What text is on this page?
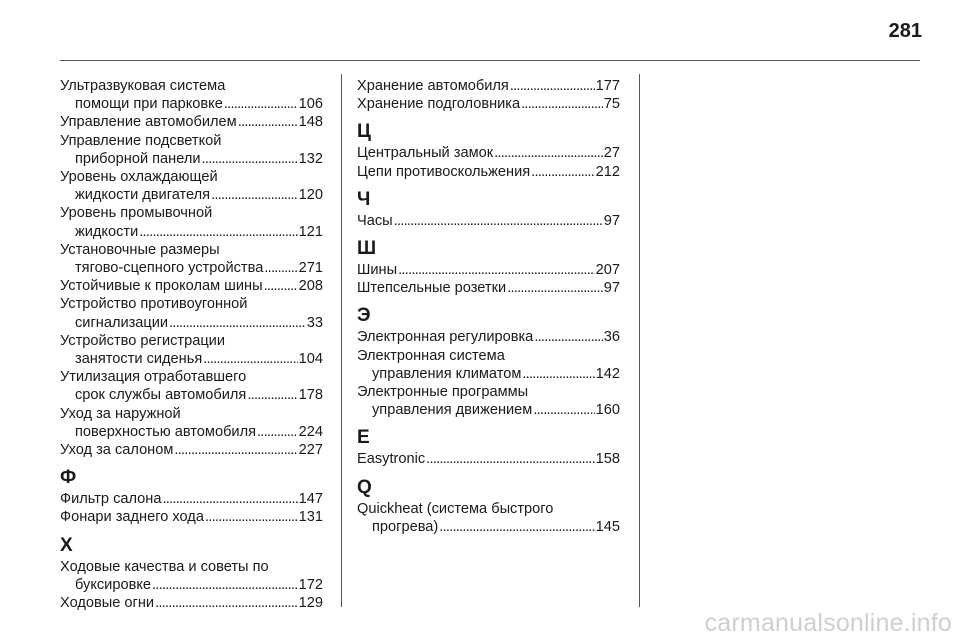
281
Ультразвуковая система
помощи при парковке . . .	106
Управление автомобилем . . .	148
Управление подсветкой
приборной панели . . .	132
Уровень охлаждающей
жидкости двигателя . . .	120
Уровень промывочной
жидкости . . .	121
Установочные размеры
тягово-сцепного устройства . . . 271
Устойчивые к проколам шины . . . 208
Устройство противоугонной
сигнализации . . .	33
Устройство регистрации
занятости сиденья . . .	104
Утилизация отработавшего
срок службы автомобиля . . .	178
Уход за наружной
поверхностью автомобиля . . .	224
Уход за салоном . . .	227
Ф
Фильтр салона . . .	147
Фонари заднего хода . . .	131
Х
Ходовые качества и советы по
буксировке . . .	172
Ходовые огни . . .	129
Хранение автомобиля . . .	177
Хранение подголовника . . .	75
Ц
Центральный замок . . .	27
Цепи противоскольжения . . .	212
Ч
Часы . . .	97
Ш
Шины . . .	207
Штепсельные розетки . . .	97
Э
Электронная регулировка . . .	36
Электронная система
управления климатом . . .	142
Электронные программы
управления движением . . .	160
E
Easytronic . . .	158
Q
Quickheat (система быстрого
прогрева) . . .	145
carmanualsonline.info
